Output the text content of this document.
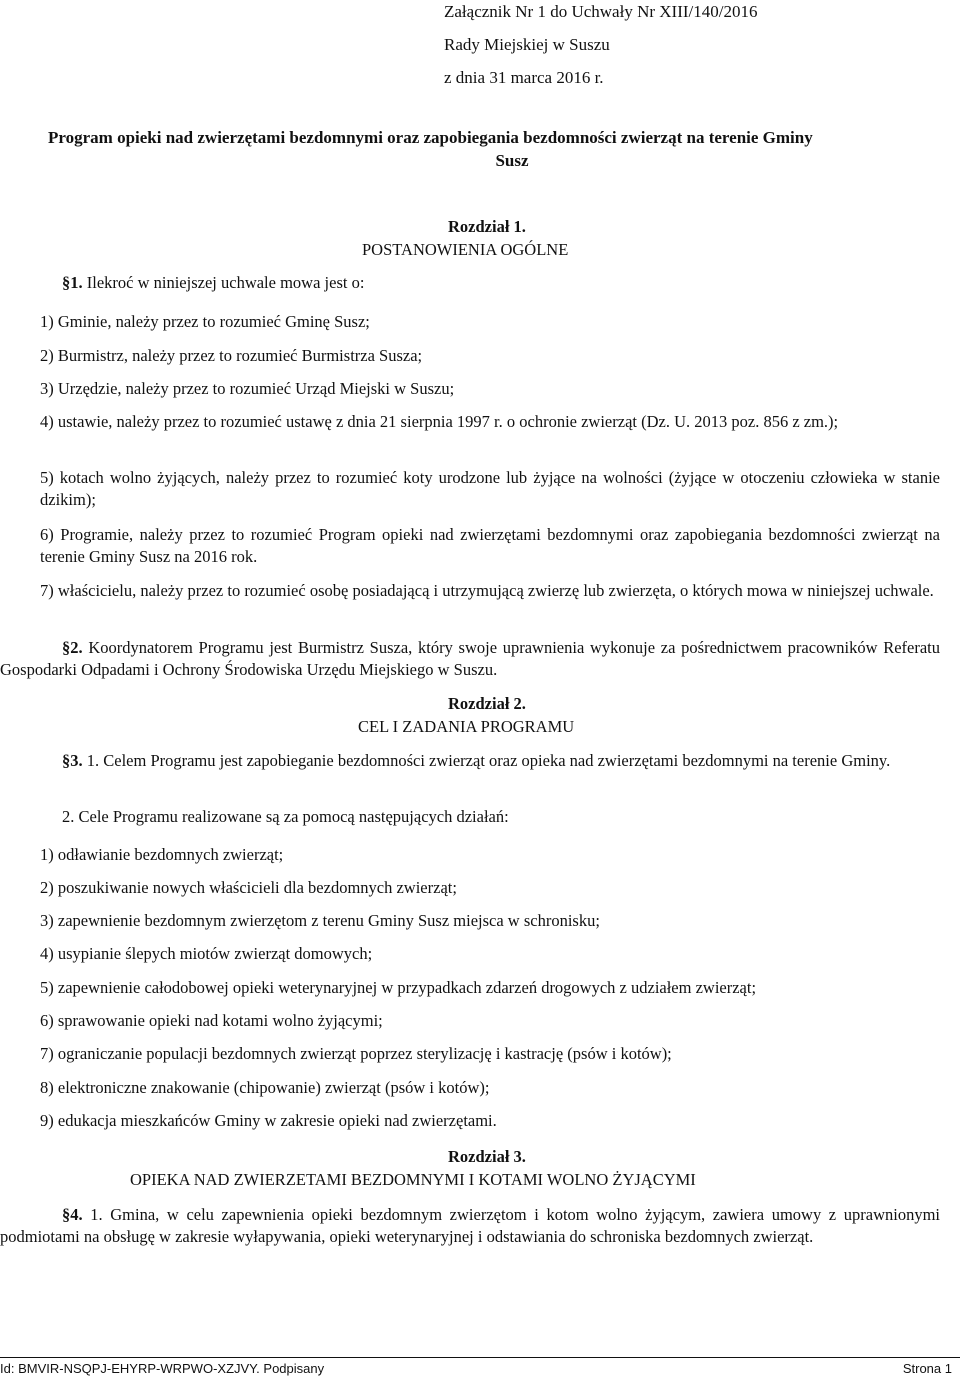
Załącznik Nr 1 do Uchwały Nr XIII/140/2016
Rady Miejskiej w Suszu
z dnia 31 marca 2016 r.
Program opieki nad zwierzętami bezdomnymi oraz zapobiegania bezdomności zwierząt na terenie Gminy
Susz
Rozdział 1.
POSTANOWIENIA OGÓLNE
§1. Ilekroć w niniejszej uchwale mowa jest o:
1) Gminie, należy przez to rozumieć Gminę Susz;
2) Burmistrz, należy przez to rozumieć Burmistrza Susza;
3) Urzędzie, należy przez to rozumieć Urząd Miejski w Suszu;
4) ustawie, należy przez to rozumieć ustawę z dnia 21 sierpnia 1997 r. o ochronie zwierząt (Dz. U. 2013 poz. 856 z zm.);
5) kotach wolno żyjących, należy przez to rozumieć koty urodzone lub żyjące na wolności (żyjące w otoczeniu człowieka w stanie dzikim);
6) Programie, należy przez to rozumieć Program opieki nad zwierzętami bezdomnymi oraz zapobiegania bezdomności zwierząt na terenie Gminy Susz na 2016 rok.
7) właścicielu, należy przez to rozumieć osobę posiadającą i utrzymującą zwierzę lub zwierzęta, o których mowa w niniejszej uchwale.
§2. Koordynatorem Programu jest Burmistrz Susza, który swoje uprawnienia wykonuje za pośrednictwem pracowników Referatu Gospodarki Odpadami i Ochrony Środowiska Urzędu Miejskiego w Suszu.
Rozdział 2.
CEL I ZADANIA PROGRAMU
§3. 1. Celem Programu jest zapobieganie bezdomności zwierząt oraz opieka nad zwierzętami bezdomnymi na terenie Gminy.
2. Cele Programu realizowane są za pomocą następujących działań:
1) odławianie bezdomnych zwierząt;
2) poszukiwanie nowych właścicieli dla bezdomnych zwierząt;
3) zapewnienie bezdomnym zwierzętom z terenu Gminy Susz miejsca w schronisku;
4) usypianie ślepych miotów zwierząt domowych;
5) zapewnienie całodobowej opieki weterynaryjnej w przypadkach zdarzeń drogowych z udziałem zwierząt;
6) sprawowanie opieki nad kotami wolno żyjącymi;
7) ograniczanie populacji bezdomnych zwierząt poprzez sterylizację i kastrację (psów i kotów);
8) elektroniczne znakowanie (chipowanie) zwierząt (psów i kotów);
9) edukacja mieszkańców Gminy w zakresie opieki nad zwierzętami.
Rozdział 3.
OPIEKA NAD ZWIERZETAMI BEZDOMNYMI I KOTAMI WOLNO ŻYJĄCYMI
§4. 1. Gmina, w celu zapewnienia opieki bezdomnym zwierzętom i kotom wolno żyjącym, zawiera umowy z uprawnionymi podmiotami na obsługę w zakresie wyłapywania, opieki weterynaryjnej i odstawiania do schroniska bezdomnych zwierząt.
Id: BMVIR-NSQPJ-EHYRP-WRPWO-XZJVY. Podpisany	Strona 1
